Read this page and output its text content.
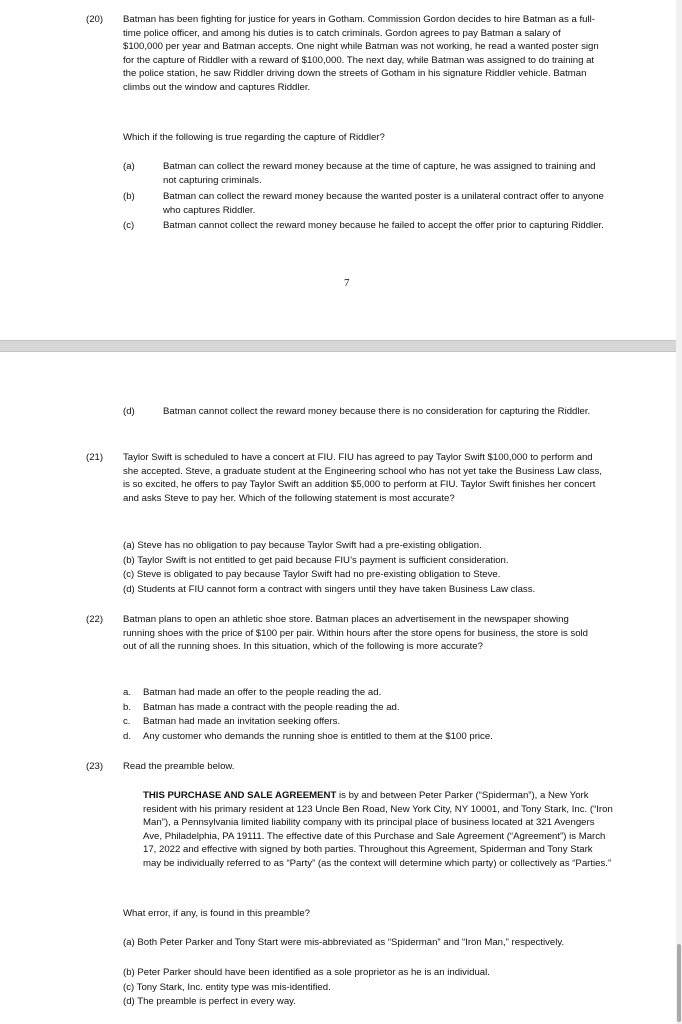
(20) Batman has been fighting for justice for years in Gotham. Commission Gordon decides to hire Batman as a full-time police officer, and among his duties is to catch criminals. Gordon agrees to pay Batman a salary of $100,000 per year and Batman accepts. One night while Batman was not working, he read a wanted poster sign for the capture of Riddler with a reward of $100,000. The next day, while Batman was assigned to do training at the police station, he saw Riddler driving down the streets of Gotham in his signature Riddler vehicle. Batman climbs out the window and captures Riddler.
Which if the following is true regarding the capture of Riddler?
(a)	Batman can collect the reward money because at the time of capture, he was assigned to training and not capturing criminals.
(b)	Batman can collect the reward money because the wanted poster is a unilateral contract offer to anyone who captures Riddler.
(c)	Batman cannot collect the reward money because he failed to accept the offer prior to capturing Riddler.
7
(d)	Batman cannot collect the reward money because there is no consideration for capturing the Riddler.
(21) Taylor Swift is scheduled to have a concert at FIU. FIU has agreed to pay Taylor Swift $100,000 to perform and she accepted. Steve, a graduate student at the Engineering school who has not yet take the Business Law class, is so excited, he offers to pay Taylor Swift an addition $5,000 to perform at FIU. Taylor Swift finishes her concert and asks Steve to pay her. Which of the following statement is most accurate?
(a) Steve has no obligation to pay because Taylor Swift had a pre-existing obligation.
(b) Taylor Swift is not entitled to get paid because FIU’s payment is sufficient consideration.
(c) Steve is obligated to pay because Taylor Swift had no pre-existing obligation to Steve.
(d) Students at FIU cannot form a contract with singers until they have taken Business Law class.
(22) Batman plans to open an athletic shoe store. Batman places an advertisement in the newspaper showing running shoes with the price of $100 per pair. Within hours after the store opens for business, the store is sold out of all the running shoes. In this situation, which of the following is more accurate?
a. Batman had made an offer to the people reading the ad.
b. Batman has made a contract with the people reading the ad.
c. Batman had made an invitation seeking offers.
d. Any customer who demands the running shoe is entitled to them at the $100 price.
(23) Read the preamble below.
THIS PURCHASE AND SALE AGREEMENT is by and between Peter Parker (“Spiderman”), a New York resident with his primary resident at 123 Uncle Ben Road, New York City, NY 10001, and Tony Stark, Inc. (“Iron Man”), a Pennsylvania limited liability company with its principal place of business located at 321 Avengers Ave, Philadelphia, PA 19111. The effective date of this Purchase and Sale Agreement (“Agreement”) is March 17, 2022 and effective with signed by both parties. Throughout this Agreement, Spiderman and Tony Stark may be individually referred to as “Party” (as the context will determine which party) or collectively as “Parties.”
What error, if any, is found in this preamble?
(a) Both Peter Parker and Tony Start were mis-abbreviated as “Spiderman” and “Iron Man,” respectively.
(b) Peter Parker should have been identified as a sole proprietor as he is an individual.
(c) Tony Stark, Inc. entity type was mis-identified.
(d) The preamble is perfect in every way.
